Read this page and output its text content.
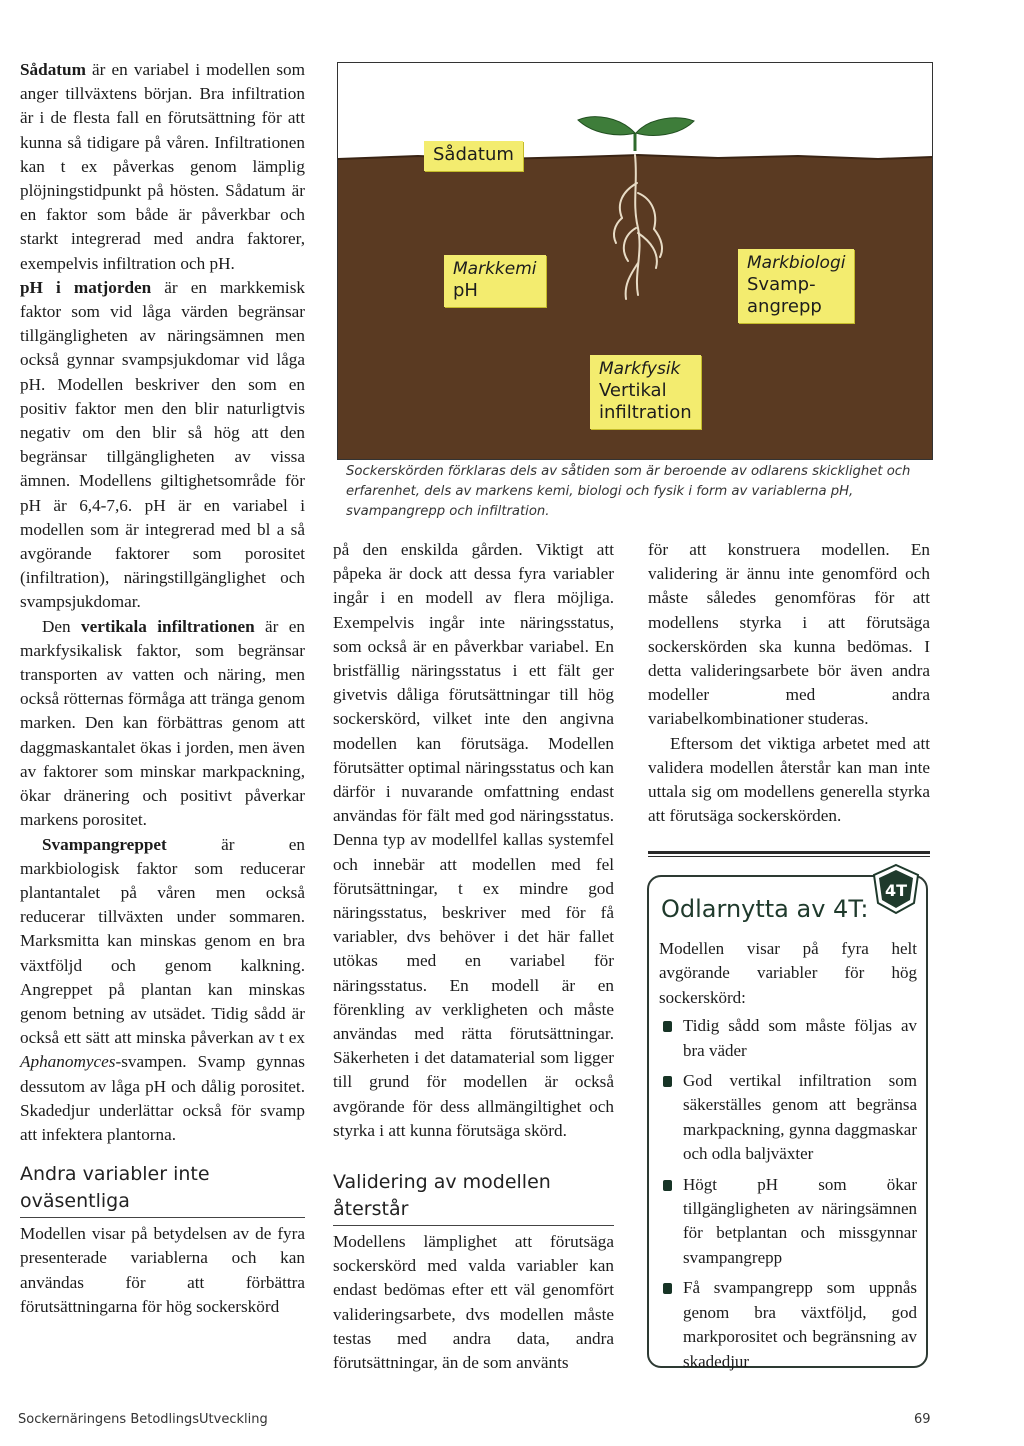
Sådatum är en variabel i modellen som anger tillväxtens början. Bra infiltration är i de flesta fall en förutsättning för att kunna så tidigare på våren. Infiltrationen kan t ex påverkas genom lämplig plöjningstidpunkt på hösten. Sådatum är en faktor som både är påverkbar och starkt integrerad med andra faktorer, exempelvis infiltration och pH.

pH i matjorden är en markkemisk faktor som vid låga värden begränsar tillgängligheten av näringsämnen men också gynnar svampsjukdomar vid låga pH. Modellen beskriver den som en positiv faktor men den blir naturligtvis negativ om den blir så hög att den begränsar tillgängligheten av vissa ämnen. Modellens giltighetsområde för pH är 6,4-7,6. pH är en variabel i modellen som är integrerad med bl a så avgörande faktorer som porositet (infiltration), näringstillgänglighet och svampsjukdomar.

Den vertikala infiltrationen är en markfysikalisk faktor, som begränsar transporten av vatten och näring, men också rötternas förmåga att tränga genom marken. Den kan förbättras genom att daggmaskantalet ökas i jorden, men även av faktorer som minskar markpackning, ökar dränering och positivt påverkar markens porositet.

Svampangreppet är en markbiologisk faktor som reducerar plantantalet på våren men också reducerar tillväxten under sommaren. Marksmitta kan minskas genom en bra växtföljd och genom kalkning. Angreppet på plantan kan minskas genom betning av utsädet. Tidig sådd är också ett sätt att minska påverkan av t ex Aphanomyces-svampen. Svamp gynnas dessutom av låga pH och dålig porositet. Skadedjur underlättar också för svamp att infektera plantorna.

Andra variabler inte oväsentliga

Modellen visar på betydelsen av de fyra presenterade variablerna och kan användas för att förbättra förutsättningarna för hög sockerskörd

Sådatum
Markkemi
pH
Markbiologi
Svamp-
angrepp
Markfysik
Vertikal
infiltration
Sockerskörden förklaras dels av såtiden som är beroende av odlarens skicklighet och erfarenhet, dels av markens kemi, biologi och fysik i form av variablerna pH, svampangrepp och infiltration.

på den enskilda gården. Viktigt att påpeka är dock att dessa fyra variabler ingår i en modell av flera möjliga. Exempelvis ingår inte näringsstatus, som också är en påverkbar variabel. En bristfällig näringsstatus i ett fält ger givetvis dåliga förutsättningar till hög sockerskörd, vilket inte den angivna modellen kan förutsäga. Modellen förutsätter optimal näringsstatus och kan därför i nuvarande omfattning endast användas för fält med god näringsstatus. Denna typ av modellfel kallas systemfel och innebär att modellen med fel förutsättningar, t ex mindre god näringsstatus, beskriver med för få variabler, dvs behöver i det här fallet utökas med en variabel för näringsstatus. En modell är en förenkling av verkligheten och måste användas med rätta förutsättningar. Säkerheten i det datamaterial som ligger till grund för modellen är också avgörande för dess allmängiltighet och styrka i att kunna förutsäga skörd.

Validering av modellen återstår

Modellens lämplighet att förutsäga sockerskörd med valda variabler kan endast bedömas efter ett väl genomfört valideringsarbete, dvs modellen måste testas med andra data, andra förutsättningar, än de som använts

för att konstruera modellen. En validering är ännu inte genomförd och måste således genomföras för att modellens styrka i att förutsäga sockerskörden ska kunna bedömas. I detta valideringsarbete bör även andra modeller med andra variabelkombinationer studeras.

Eftersom det viktiga arbetet med att validera modellen återstår kan man inte uttala sig om modellens generella styrka att förutsäga sockerskörden.

Odlarnytta av 4T:
4T

Modellen visar på fyra helt avgörande variabler för hög sockerskörd:

Tidig sådd som måste följas av bra väder
God vertikal infiltration som säkerställes genom att begränsa markpackning, gynna daggmaskar och odla baljväxter
Högt pH som ökar tillgängligheten av näringsämnen för betplantan och missgynnar svampangrepp
Få svampangrepp som uppnås genom bra växtföljd, god markporositet och begränsning av skadedjur
Sockernäringens BetodlingsUtveckling	69
